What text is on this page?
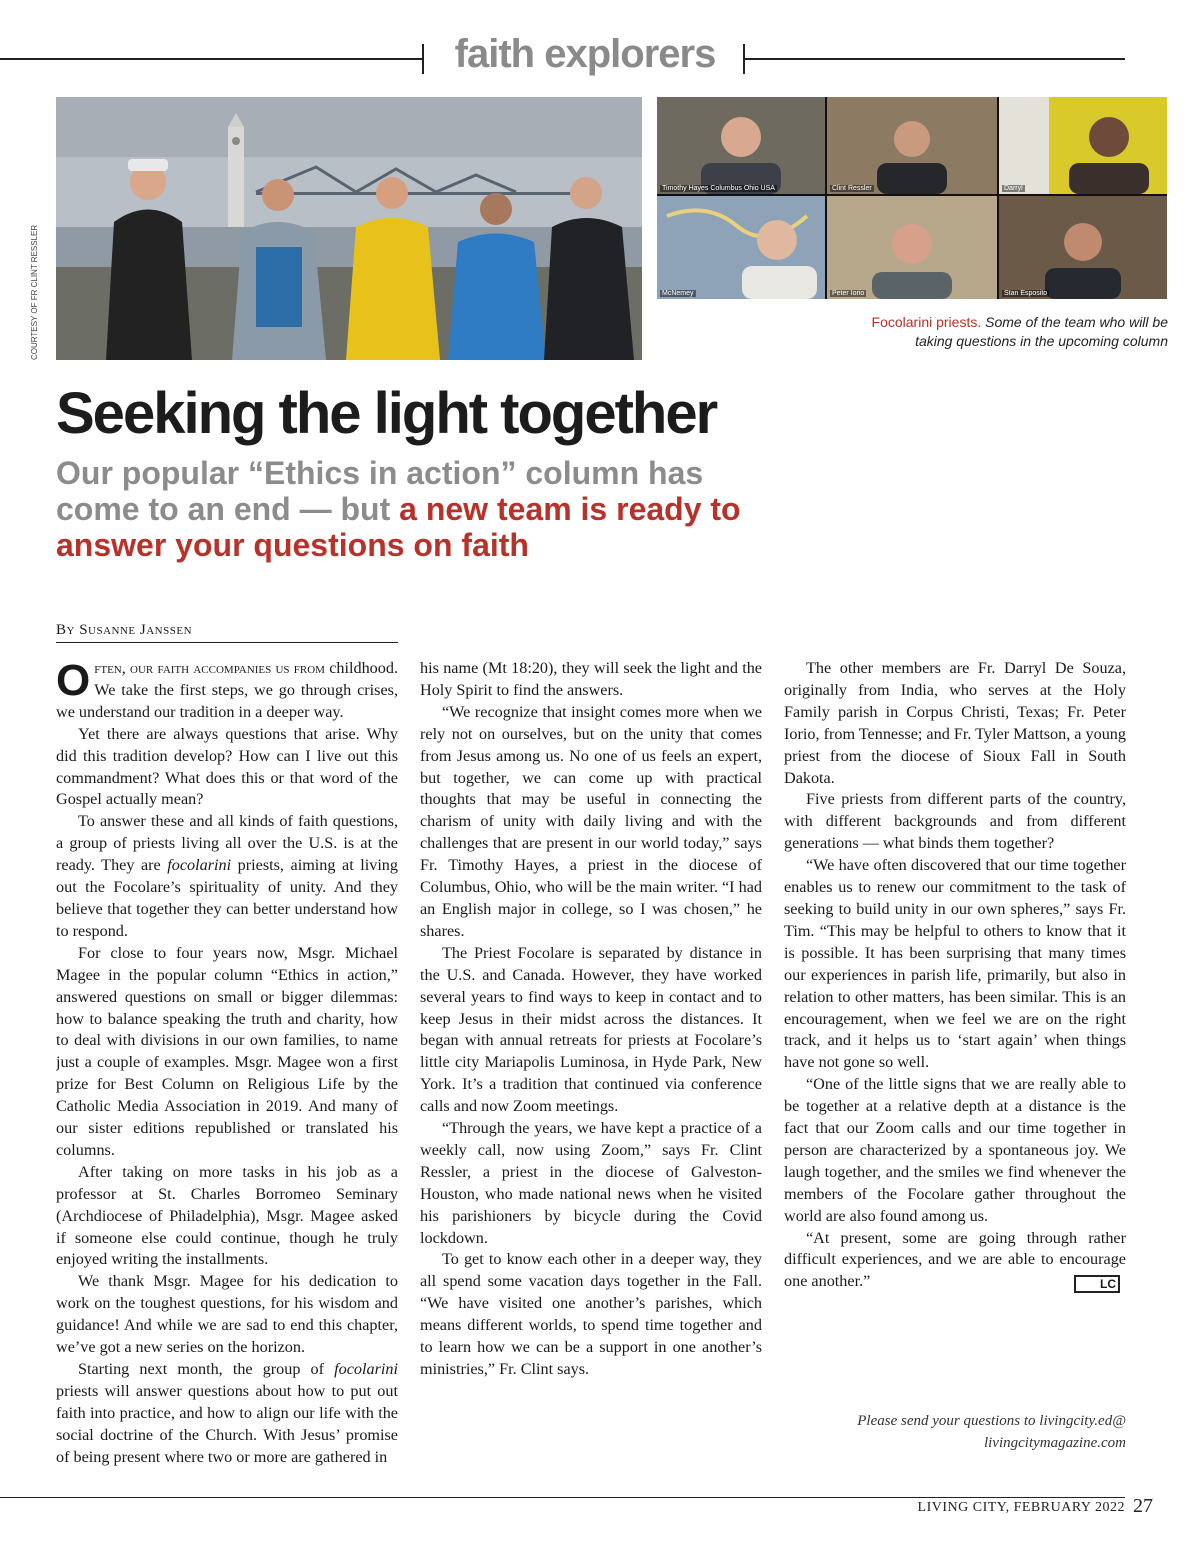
faith explorers
COURTESY OF FR CLINT RESSLER
Timothy Hayes Columbus Ohio USA	Clint Ressler	Darryl
McNemey	Peter Iorio	Stan Esposito
Focolarini priests. Some of the team who will be taking questions in the upcoming column
Seeking the light together
Our popular “Ethics in action” column has come to an end — but a new team is ready to answer your questions on faith
By Susanne Janssen

Often, our faith accompanies us from childhood. We take the first steps, we go through crises, we understand our tradition in a deeper way.

Yet there are always questions that arise. Why did this tradition develop? How can I live out this commandment? What does this or that word of the Gospel actually mean?

To answer these and all kinds of faith questions, a group of priests living all over the U.S. is at the ready. They are focolarini priests, aiming at living out the Focolare’s spirituality of unity. And they believe that together they can better understand how to respond.

For close to four years now, Msgr. Michael Magee in the popular column “Ethics in action,” answered questions on small or bigger dilemmas: how to balance speaking the truth and charity, how to deal with divisions in our own families, to name just a couple of examples. Msgr. Magee won a first prize for Best Column on Religious Life by the Catholic Media Association in 2019. And many of our sister editions republished or translated his columns.

After taking on more tasks in his job as a professor at St. Charles Borromeo Seminary (Archdiocese of Philadelphia), Msgr. Magee asked if someone else could continue, though he truly enjoyed writing the installments.

We thank Msgr. Magee for his dedication to work on the toughest questions, for his wisdom and guidance! And while we are sad to end this chapter, we’ve got a new series on the horizon.

Starting next month, the group of focolarini priests will answer questions about how to put out faith into practice, and how to align our life with the social doctrine of the Church. With Jesus’ promise of being present where two or more are gathered in

his name (Mt 18:20), they will seek the light and the Holy Spirit to find the answers.

“We recognize that insight comes more when we rely not on ourselves, but on the unity that comes from Jesus among us. No one of us feels an expert, but together, we can come up with practical thoughts that may be useful in connecting the charism of unity with daily living and with the challenges that are present in our world today,” says Fr. Timothy Hayes, a priest in the diocese of Columbus, Ohio, who will be the main writer. “I had an English major in college, so I was chosen,” he shares.

The Priest Focolare is separated by distance in the U.S. and Canada. However, they have worked several years to find ways to keep in contact and to keep Jesus in their midst across the distances. It began with annual retreats for priests at Focolare’s little city Mariapolis Luminosa, in Hyde Park, New York. It’s a tradition that continued via conference calls and now Zoom meetings.

“Through the years, we have kept a practice of a weekly call, now using Zoom,” says Fr. Clint Ressler, a priest in the diocese of Galveston-Houston, who made national news when he visited his parishioners by bicycle during the Covid lockdown.

To get to know each other in a deeper way, they all spend some vacation days together in the Fall. “We have visited one another’s parishes, which means different worlds, to spend time together and to learn how we can be a support in one another’s ministries,” Fr. Clint says.

The other members are Fr. Darryl De Souza, originally from India, who serves at the Holy Family parish in Corpus Christi, Texas; Fr. Peter Iorio, from Tennesse; and Fr. Tyler Mattson, a young priest from the diocese of Sioux Fall in South Dakota.

Five priests from different parts of the country, with different backgrounds and from different generations — what binds them together?

“We have often discovered that our time together enables us to renew our commitment to the task of seeking to build unity in our own spheres,” says Fr. Tim. “This may be helpful to others to know that it is possible. It has been surprising that many times our experiences in parish life, primarily, but also in relation to other matters, has been similar. This is an encouragement, when we feel we are on the right track, and it helps us to ‘start again’ when things have not gone so well.

“One of the little signs that we are really able to be together at a relative depth at a distance is the fact that our Zoom calls and our time together in person are characterized by a spontaneous joy. We laugh together, and the smiles we find whenever the members of the Focolare gather throughout the world are also found among us.

“At present, some are going through rather difficult experiences, and we are able to encourage one another.”	LC

Please send your questions to livingcity.ed@ livingcitymagazine.com
LIVING CITY, FEBRUARY 2022 27
